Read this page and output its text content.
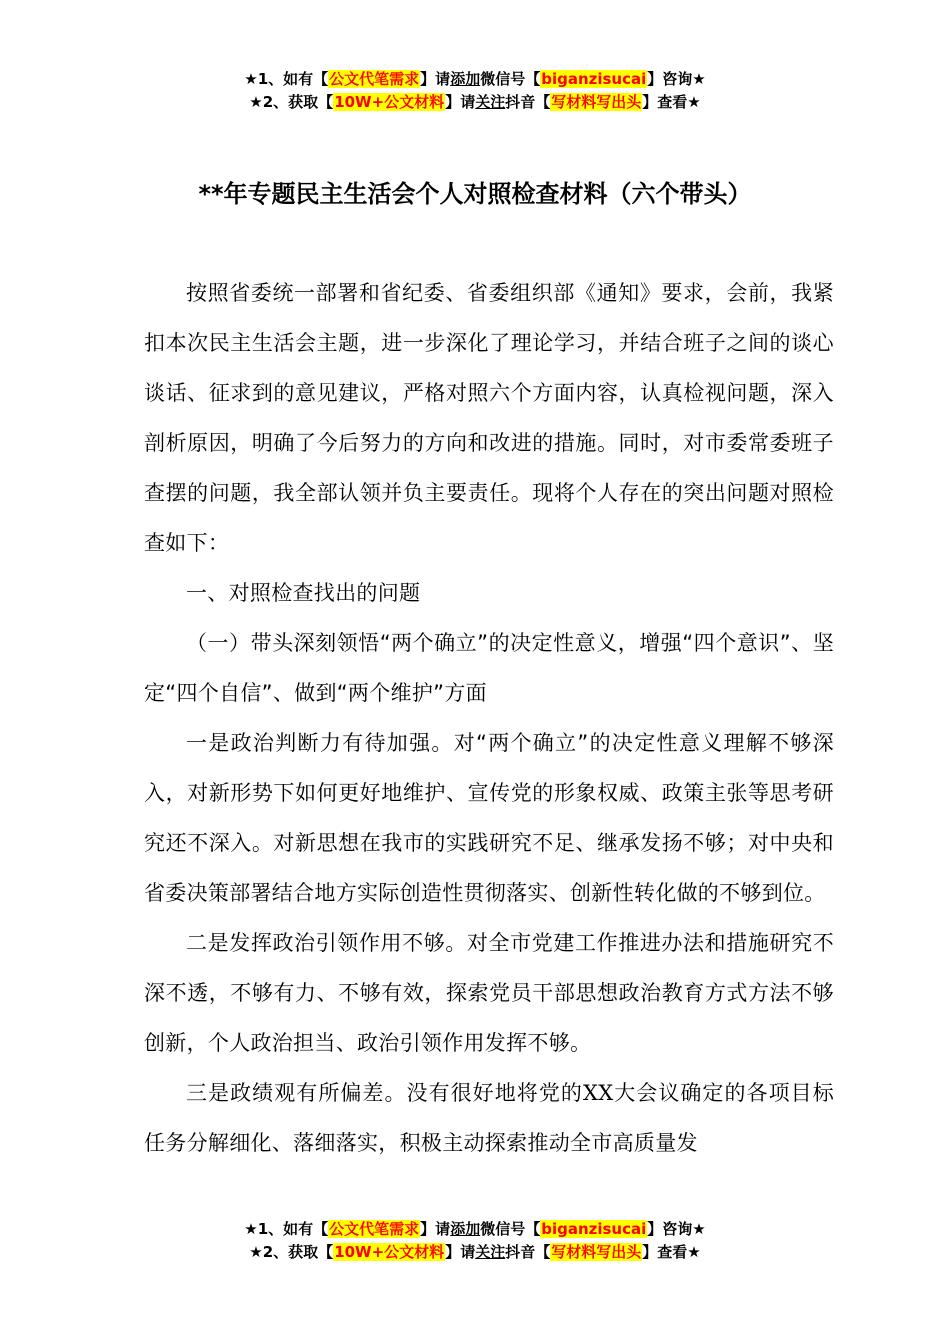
★1、如有【公文代笔需求】请添加微信号【biganzisucai】咨询★
★2、获取【10W+公文材料】请关注抖音【写材料写出头】查看★
**年专题民主生活会个人对照检查材料（六个带头）

按照省委统一部署和省纪委、省委组织部《通知》要求，会前，我紧扣本次民主生活会主题，进一步深化了理论学习，并结合班子之间的谈心谈话、征求到的意见建议，严格对照六个方面内容，认真检视问题，深入剖析原因，明确了今后努力的方向和改进的措施。同时，对市委常委班子查摆的问题，我全部认领并负主要责任。现将个人存在的突出问题对照检查如下：

一、对照检查找出的问题

（一）带头深刻领悟“两个确立”的决定性意义，增强“四个意识”、坚定“四个自信”、做到“两个维护”方面

一是政治判断力有待加强。对“两个确立”的决定性意义理解不够深入，对新形势下如何更好地维护、宣传党的形象权威、政策主张等思考研究还不深入。对新思想在我市的实践研究不足、继承发扬不够；对中央和省委决策部署结合地方实际创造性贯彻落实、创新性转化做的不够到位。

二是发挥政治引领作用不够。对全市党建工作推进办法和措施研究不深不透，不够有力、不够有效，探索党员干部思想政治教育方式方法不够创新，个人政治担当、政治引领作用发挥不够。

三是政绩观有所偏差。没有很好地将党的XX大会议确定的各项目标任务分解细化、落细落实，积极主动探索推动全市高质量发

★1、如有【公文代笔需求】请添加微信号【biganzisucai】咨询★
★2、获取【10W+公文材料】请关注抖音【写材料写出头】查看★
